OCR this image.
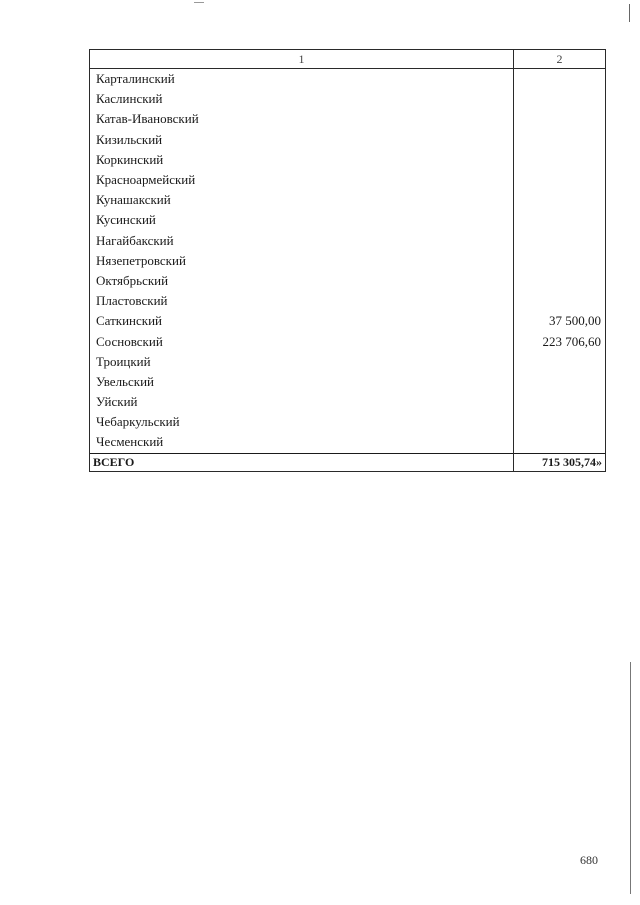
1	2
Карталинский	
Каслинский	
Катав-Ивановский	
Кизильский	
Коркинский	
Красноармейский	
Кунашакский	
Кусинский	
Нагайбакский	
Нязепетровский	
Октябрьский	
Пластовский	
Саткинский	37 500,00
Сосновский	223 706,60
Троицкий	
Увельский	
Уйский	
Чебаркульский	
Чесменский	
ВСЕГО	715 305,74»
680
